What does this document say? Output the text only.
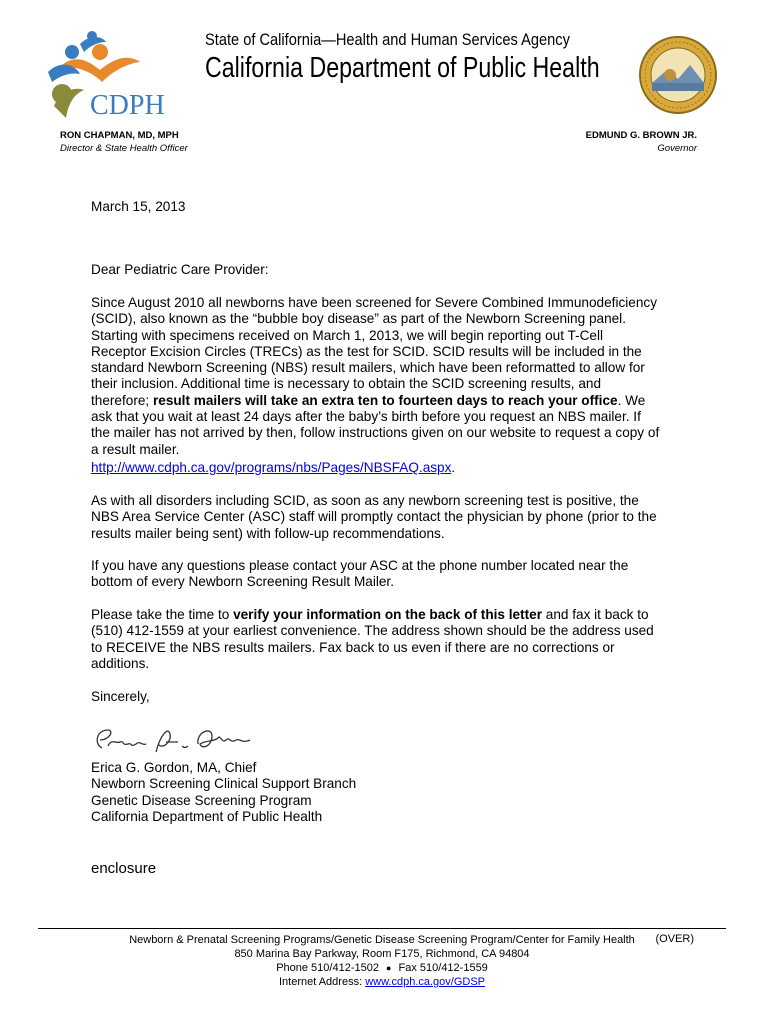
CDPH
State of California—Health and Human Services Agency
California Department of Public Health
RON CHAPMAN, MD, MPH
Director & State Health Officer
EDMUND G. BROWN JR.
Governor
March 15, 2013
Dear Pediatric Care Provider:
Since August 2010 all newborns have been screened for Severe Combined Immunodeficiency (SCID), also known as the “bubble boy disease” as part of the Newborn Screening panel. Starting with specimens received on March 1, 2013, we will begin reporting out T-Cell Receptor Excision Circles (TRECs) as the test for SCID. SCID results will be included in the standard Newborn Screening (NBS) result mailers, which have been reformatted to allow for their inclusion. Additional time is necessary to obtain the SCID screening results, and therefore; result mailers will take an extra ten to fourteen days to reach your office. We ask that you wait at least 24 days after the baby’s birth before you request an NBS mailer. If the mailer has not arrived by then, follow instructions given on our website to request a copy of a result mailer.
http://www.cdph.ca.gov/programs/nbs/Pages/NBSFAQ.aspx.
As with all disorders including SCID, as soon as any newborn screening test is positive, the NBS Area Service Center (ASC) staff will promptly contact the physician by phone (prior to the results mailer being sent) with follow-up recommendations.
If you have any questions please contact your ASC at the phone number located near the bottom of every Newborn Screening Result Mailer.
Please take the time to verify your information on the back of this letter and fax it back to (510) 412-1559 at your earliest convenience. The address shown should be the address used to RECEIVE the NBS results mailers. Fax back to us even if there are no corrections or additions.
Sincerely,
Erica G. Gordon, MA, Chief
Newborn Screening Clinical Support Branch
Genetic Disease Screening Program
California Department of Public Health
enclosure
Newborn & Prenatal Screening Programs/Genetic Disease Screening Program/Center for Family Health
850 Marina Bay Parkway, Room F175, Richmond, CA 94804
Phone 510/412-1502 ● Fax 510/412-1559
Internet Address: www.cdph.ca.gov/GDSP
(OVER)
